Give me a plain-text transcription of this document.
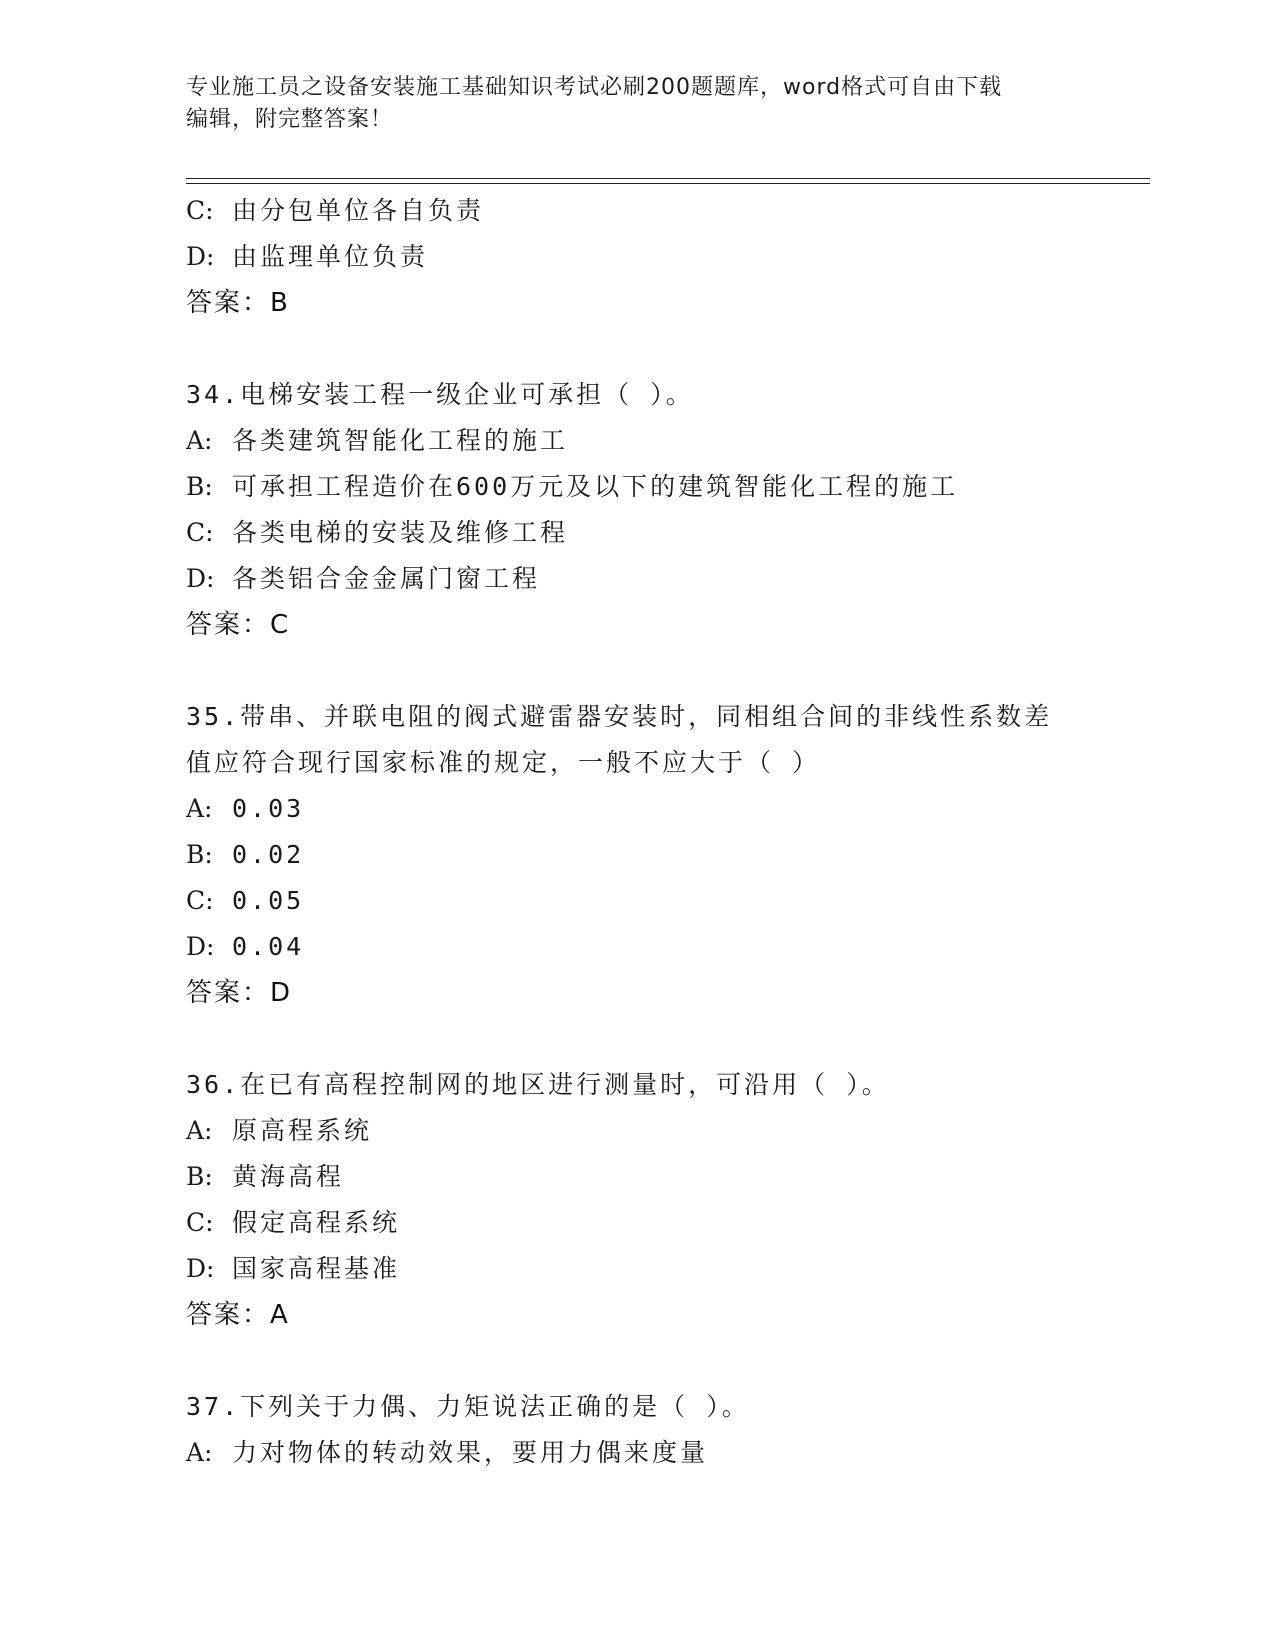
专业施工员之设备安装施工基础知识考试必刷200题题库，word格式可自由下载
编辑，附完整答案！
C: 由分包单位各自负责
D: 由监理单位负责
答案：B
34.电梯安装工程一级企业可承担（ ）。
A: 各类建筑智能化工程的施工
B: 可承担工程造价在600万元及以下的建筑智能化工程的施工
C: 各类电梯的安装及维修工程
D: 各类铝合金金属门窗工程
答案：C
35.带串、并联电阻的阀式避雷器安装时，同相组合间的非线性系数差
值应符合现行国家标准的规定，一般不应大于（ ）
A: 0.03
B: 0.02
C: 0.05
D: 0.04
答案：D
36.在已有高程控制网的地区进行测量时，可沿用（ ）。
A: 原高程系统
B: 黄海高程
C: 假定高程系统
D: 国家高程基准
答案：A
37.下列关于力偶、力矩说法正确的是（ ）。
A: 力对物体的转动效果，要用力偶来度量
